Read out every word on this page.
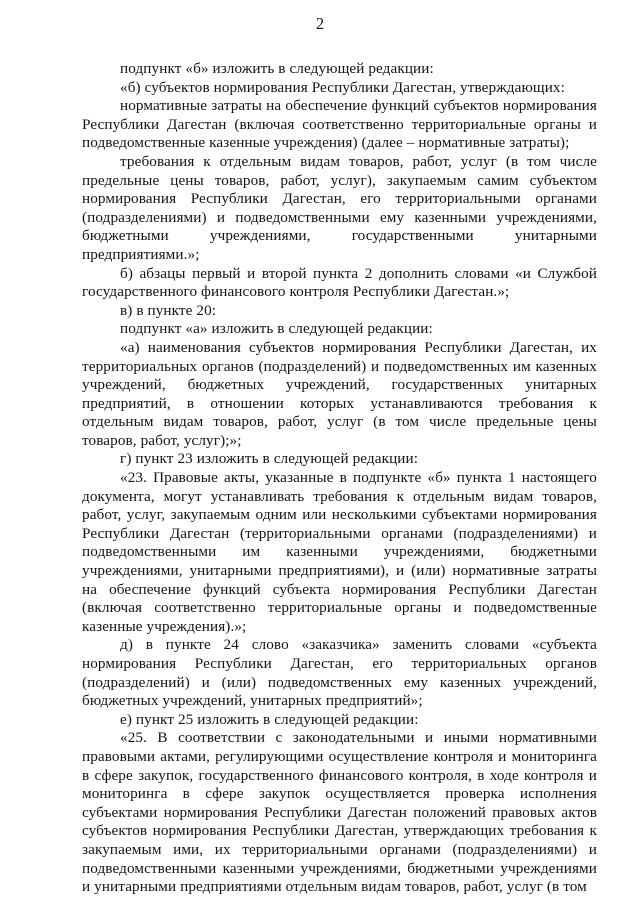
2

подпункт «б» изложить в следующей редакции:

«б) субъектов нормирования Республики Дагестан, утверждающих:

нормативные затраты на обеспечение функций субъектов нормирования Республики Дагестан (включая соответственно территориальные органы и подведомственные казенные учреждения) (далее – нормативные затраты);

требования к отдельным видам товаров, работ, услуг (в том числе предельные цены товаров, работ, услуг), закупаемым самим субъектом нормирования Республики Дагестан, его территориальными органами (подразделениями) и подведомственными ему казенными учреждениями, бюджетными учреждениями, государственными унитарными предприятиями.»;

б) абзацы первый и второй пункта 2 дополнить словами «и Службой государственного финансового контроля Республики Дагестан.»;

в) в пункте 20:

подпункт «а» изложить в следующей редакции:

«а) наименования субъектов нормирования Республики Дагестан, их территориальных органов (подразделений) и подведомственных им казенных учреждений, бюджетных учреждений, государственных унитарных предприятий, в отношении которых устанавливаются требования к отдельным видам товаров, работ, услуг (в том числе предельные цены товаров, работ, услуг);»;

г) пункт 23 изложить в следующей редакции:

«23. Правовые акты, указанные в подпункте «б» пункта 1 настоящего документа, могут устанавливать требования к отдельным видам товаров, работ, услуг, закупаемым одним или несколькими субъектами нормирования Республики Дагестан (территориальными органами (подразделениями) и подведомственными им казенными учреждениями, бюджетными учреждениями, унитарными предприятиями), и (или) нормативные затраты на обеспечение функций субъекта нормирования Республики Дагестан (включая соответственно территориальные органы и подведомственные казенные учреждения).»;

д) в пункте 24 слово «заказчика» заменить словами «субъекта нормирования Республики Дагестан, его территориальных органов (подразделений) и (или) подведомственных ему казенных учреждений, бюджетных учреждений, унитарных предприятий»;

е) пункт 25 изложить в следующей редакции:

«25. В соответствии с законодательными и иными нормативными правовыми актами, регулирующими осуществление контроля и мониторинга в сфере закупок, государственного финансового контроля, в ходе контроля и мониторинга в сфере закупок осуществляется проверка исполнения субъектами нормирования Республики Дагестан положений правовых актов субъектов нормирования Республики Дагестан, утверждающих требования к закупаемым ими, их территориальными органами (подразделениями) и подведомственными казенными учреждениями, бюджетными учреждениями и унитарными предприятиями отдельным видам товаров, работ, услуг (в том
